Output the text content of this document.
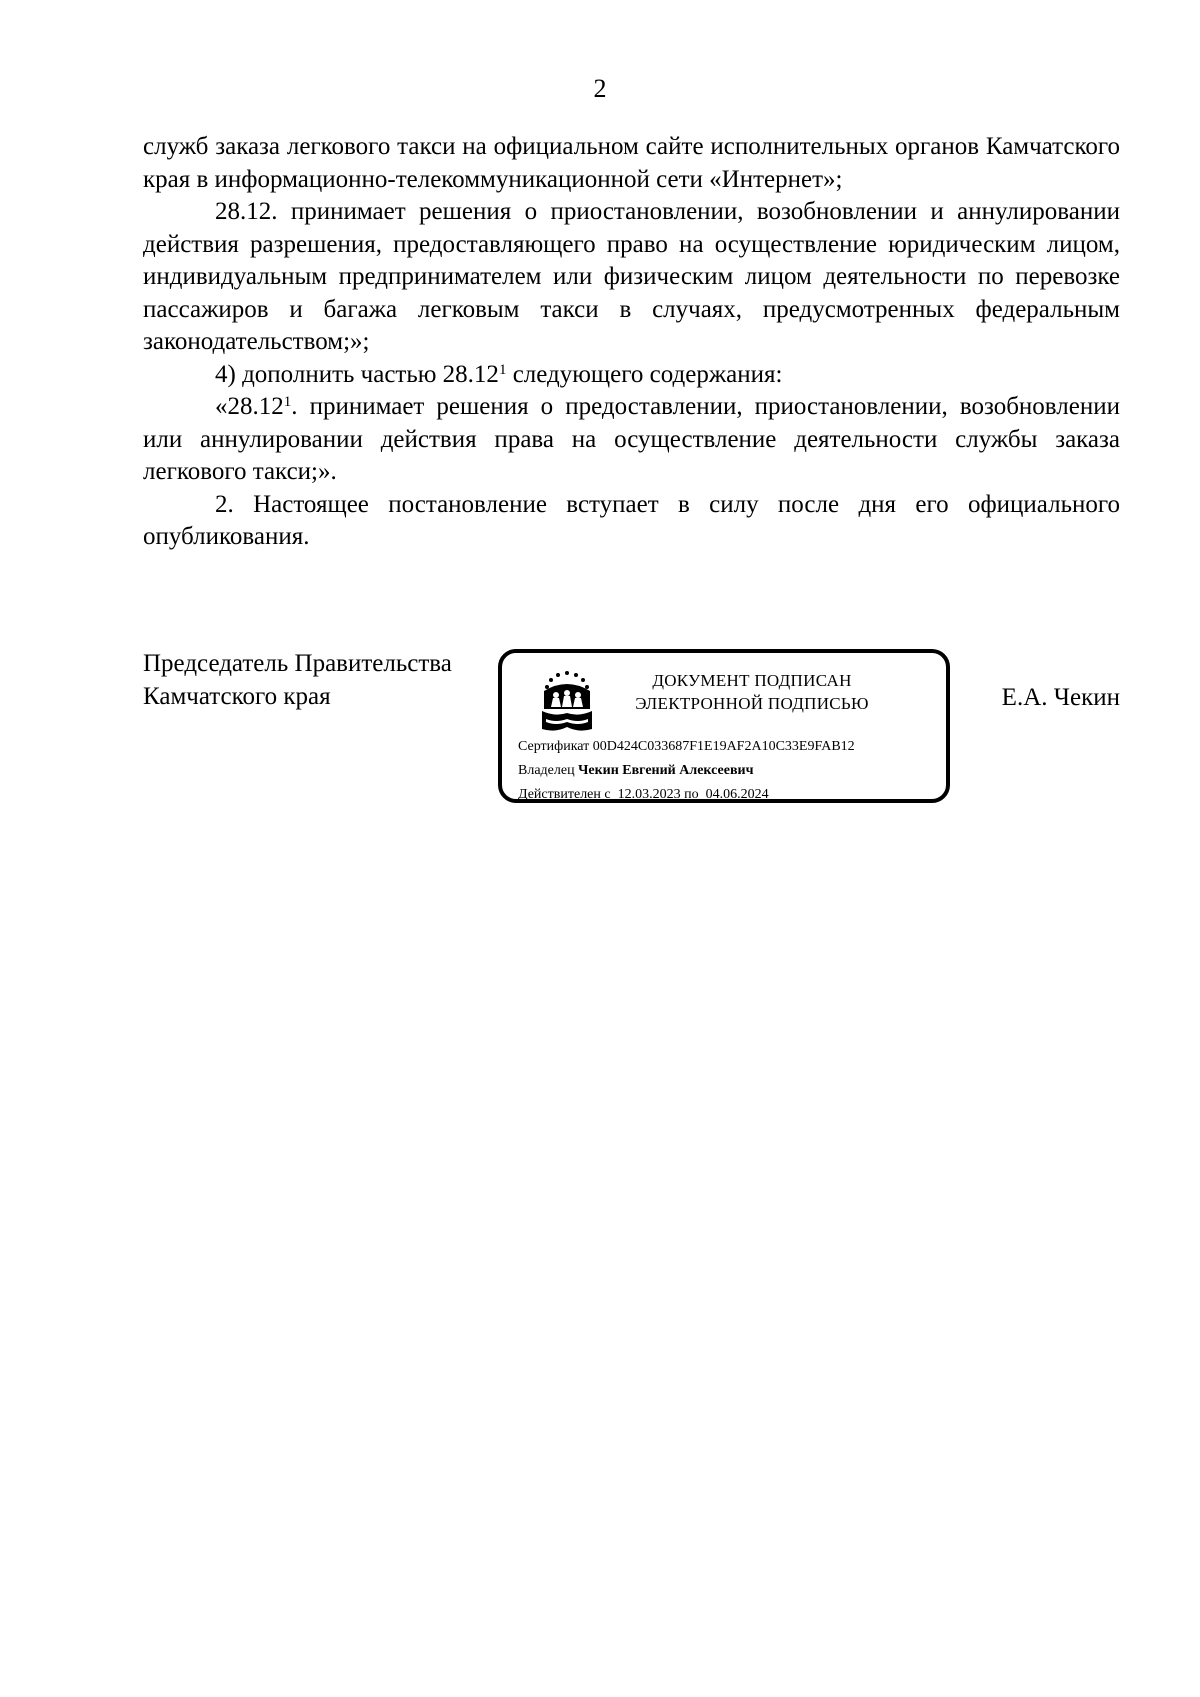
2

служб заказа легкового такси на официальном сайте исполнительных органов Камчатского края в информационно-телекоммуникационной сети «Интернет»;

28.12. принимает решения о приостановлении, возобновлении и аннулировании действия разрешения, предоставляющего право на осуществление юридическим лицом, индивидуальным предпринимателем или физическим лицом деятельности по перевозке пассажиров и багажа легковым такси в случаях, предусмотренных федеральным законодательством;»;

4) дополнить частью 28.12$^1$ следующего содержания:

«28.12$^1$. принимает решения о предоставлении, приостановлении, возобновлении или аннулировании действия права на осуществление деятельности службы заказа легкового такси;».

2. Настоящее постановление вступает в силу после дня его официального опубликования.

Председатель Правительства
Камчатского края
ДОКУМЕНТ ПОДПИСАН
ЭЛЕКТРОННОЙ ПОДПИСЬЮ
Сертификат 00D424C033687F1E19AF2A10C33E9FAB12
Владелец Чекин Евгений Алексеевич
Действителен с 12.03.2023 по 04.06.2024
Е.А. Чекин
